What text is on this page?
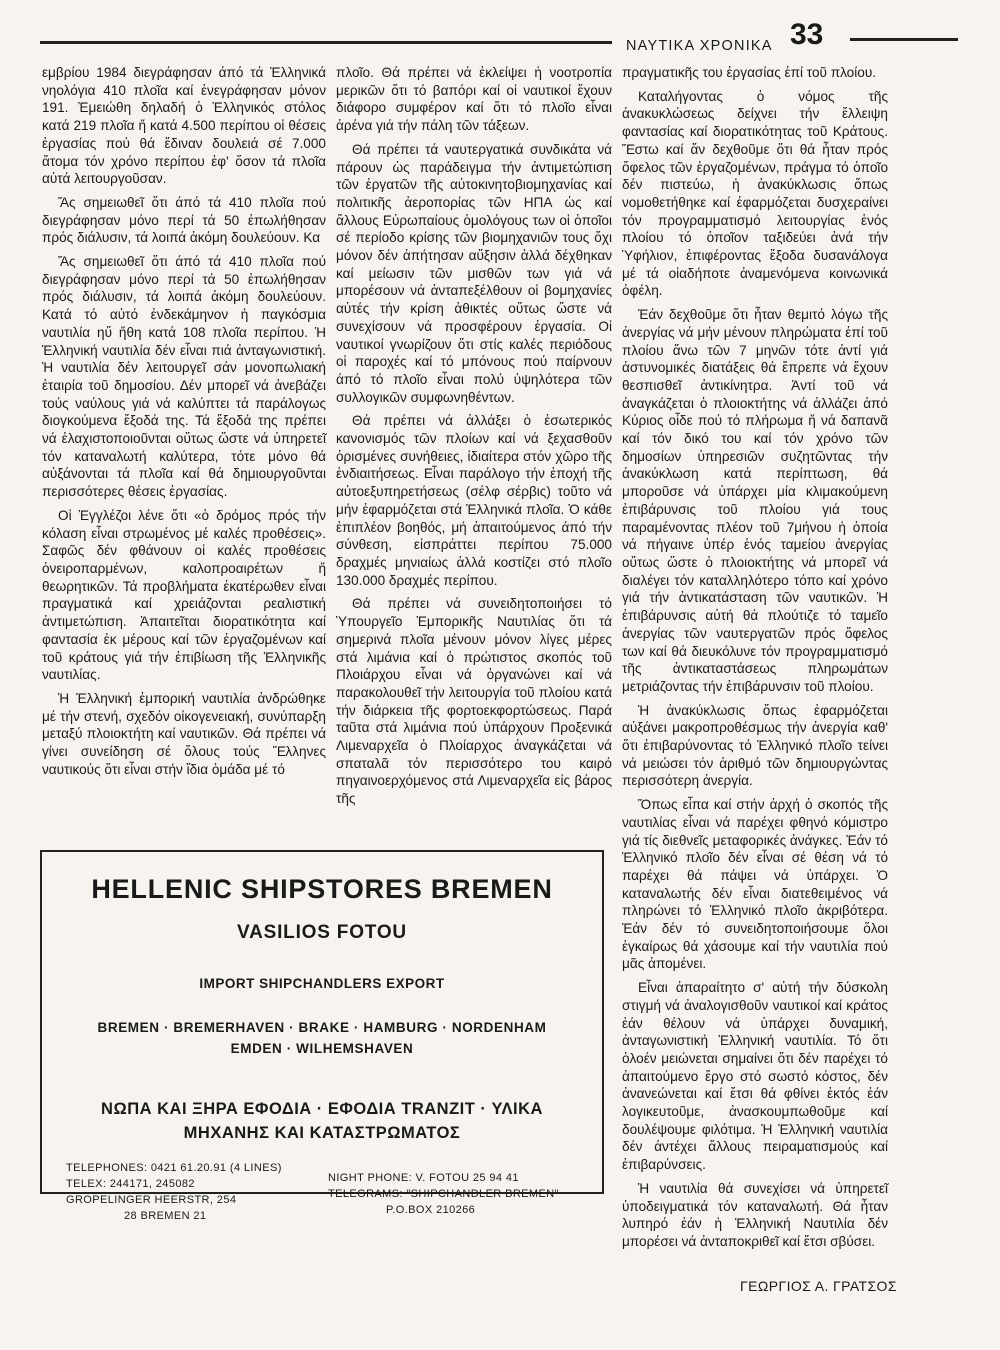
ΝΑΥΤΙΚΑ ΧΡΟΝΙΚΑ 33

εμβρίου 1984 διεγράφησαν άπό τά Ἑλληνικά νηολόγια 410 πλοῖα καί ἐνεγράφησαν μόνον 191. Ἐμειώθη δηλαδή ὁ Ἑλληνικός στόλος κατά 219 πλοῖα ἤ κατά 4.500 περίπου οἱ θέσεις ἐργασίας πού θά ἔδιναν δουλειά σέ 7.000 ἄτομα τόν χρόνο περίπου ἐφ' ὅσον τά πλοῖα αὐτά λειτουργοῦσαν.

Ἄς σημειωθεῖ ὅτι άπό τά 410 πλοῖα πού διεγράφησαν μόνο περί τά 50 ἐπωλήθησαν πρός διάλυσιν, τά λοιπά ἀκόμη δουλεύουν. Κα

Ἄς σημειωθεῖ ὅτι άπό τά 410 πλοῖα πού διεγράφησαν μόνο περί τά 50 ἐπωλήθησαν πρός διάλυσιν, τά λοιπά ἀκόμη δουλεύουν. Κατά τό αὐτό ἐνδεκάμηνον ἡ παγκόσμια ναυτιλία ηὔ ἤθη κατά 108 πλοῖα περίπου. Ἡ Ἑλληνική ναυτιλία δέν εἶναι πιά ἀνταγωνιστική. Ἡ ναυτιλία δέν λειτουργεῖ σάν μονοπωλιακή ἑταιρία τοῦ δημοσίου. Δέν μπορεῖ νά ἀνεβάζει τούς ναύλους γιά νά καλύπτει τά παράλογως διογκούμενα ἔξοδά της. Τά ἔξοδά της πρέπει νά ἐλαχιστοποιοῦνται οὕτως ὥστε νά ὑπηρετεῖ τόν καταναλωτή καλύτερα, τότε μόνο θά αὐξάνονται τά πλοῖα καί θά δημιουργοῦνται περισσότερες θέσεις ἐργασίας.

Οἱ Ἐγγλέζοι λένε ὅτι «ὁ δρόμος πρός τήν κόλαση εἶναι στρωμένος μέ καλές προθέσεις». Σαφῶς δέν φθάνουν οἱ καλές προθέσεις ὀνειροπαρμένων, καλοπροαιρέτων ἤ θεωρητικῶν. Τά προβλήματα ἑκατέρωθεν εἶναι πραγματικά καί χρειάζονται ρεαλιστική ἀντιμετώπιση. Ἀπαιτεῖται διορατικότητα καί φαντασία ἐκ μέρους καί τῶν ἐργαζομένων καί τοῦ κράτους γιά τήν ἐπιβίωση τῆς Ἑλληνικῆς ναυτιλίας.

Ἡ Ἑλληνική ἐμπορική ναυτιλία ἀνδρώθηκε μέ τήν στενή, σχεδόν οἰκογενειακή, συνύπαρξη μεταξύ πλοιοκτήτη καί ναυτικῶν. Θά πρέπει νά γίνει συνείδηση σέ ὅλους τούς Ἕλληνες ναυτικούς ὅτι εἶναι στήν ἴδια ὁμάδα μέ τό

πλοῖο. Θά πρέπει νά ἐκλείψει ἡ νοοτροπία μερικῶν ὅτι τό βαπόρι καί οἱ ναυτικοί ἔχουν διάφορο συμφέρον καί ὅτι τό πλοῖο εἶναι ἀρένα γιά τήν πάλη τῶν τάξεων.

Θά πρέπει τά ναυτεργατικά συνδικάτα νά πάρουν ὡς παράδειγμα τήν ἀντιμετώπιση τῶν ἐργατῶν τῆς αὐτοκινητοβιομηχανίας καί πολιτικῆς ἀεροπορίας τῶν ΗΠΑ ὡς καί ἄλλους Εὐρωπαίους ὁμολόγους των οἱ ὁποῖοι σέ περίοδο κρίσης τῶν βιομηχανιῶν τους ὄχι μόνον δέν ἀπήτησαν αὔξησιν ἀλλά δέχθηκαν καί μείωσιν τῶν μισθῶν των γιά νά μπορέσουν νά ἀνταπεξέλθουν οἱ βομηχανίες αὐτές τήν κρίση ἀθικτές οὕτως ὥστε νά συνεχίσουν νά προσφέρουν ἐργασία. Οἱ ναυτικοί γνωρίζουν ὅτι στίς καλές περιόδους οἱ παροχές καί τό μπόνους πού παίρνουν άπό τό πλοῖο εἶναι πολύ ὑψηλότερα τῶν συλλογικῶν συμφωνηθέντων.

Θά πρέπει νά ἀλλάξει ὁ ἐσωτερικός κανονισμός τῶν πλοίων καί νά ξεχασθοῦν ὁρισμένες συνήθειες, ἰδιαίτερα στόν χῶρο τῆς ἐνδιαιτήσεως. Εἶναι παράλογο τήν ἐποχή τῆς αὐτοεξυπηρετήσεως (σέλφ σέρβις) τοῦτο νά μήν ἐφαρμόζεται στά Ἑλληνικά πλοῖα. Ὁ κάθε ἐπιπλέον βοηθός, μή ἀπαιτούμενος άπό τήν σύνθεση, εἰσπράττει περίπου 75.000 δραχμές μηνιαίως ἀλλά κοστίζει στό πλοῖο 130.000 δραχμές περίπου.

Θά πρέπει νά συνειδητοποιήσει τό Ὑπουργεῖο Ἐμπορικῆς Ναυτιλίας ὅτι τά σημερινά πλοῖα μένουν μόνον λίγες μέρες στά λιμάνια καί ὁ πρώτιστος σκοπός τοῦ Πλοιάρχου εἶναι νά ὀργανώνει καί νά παρακολουθεῖ τήν λειτουργία τοῦ πλοίου κατά τήν διάρκεια τῆς φορτοεκφορτώσεως. Παρά ταῦτα στά λιμάνια πού ὑπάρχουν Προξενικά Λιμεναρχεῖα ὁ Πλοίαρχος ἀναγκάζεται νά σπαταλᾶ τόν περισσότερο του καιρό πηγαινοερχόμενος στά Λιμεναρχεῖα εἰς βάρος τῆς

πραγματικῆς του ἐργασίας ἐπί τοῦ πλοίου.

Καταλήγοντας ὁ νόμος τῆς ἀνακυκλώσεως δείχνει τήν ἔλλειψη φαντασίας καί διορατικότητας τοῦ Κράτους. Ἔστω καί ἄν δεχθοῦμε ὅτι θά ἦταν πρός ὄφελος τῶν ἐργαζομένων, πράγμα τό ὁποῖο δέν πιστεύω, ἡ ἀνακύκλωσις ὅπως νομοθετήθηκε καί ἐφαρμόζεται δυσχεραίνει τόν προγραμματισμό λειτουργίας ἑνός πλοίου τό ὁποῖον ταξιδεύει ἀνά τήν Ὑφήλιον, ἐπιφέροντας ἔξοδα δυσανάλογα μέ τά οἱαδήποτε ἀναμενόμενα κοινωνικά ὀφέλη.

Ἐάν δεχθοῦμε ὅτι ἦταν θεμιτό λόγω τῆς ἀνεργίας νά μήν μένουν πληρώματα ἐπί τοῦ πλοίου ἄνω τῶν 7 μηνῶν τότε ἀντί γιά ἀστυνομικές διατάξεις θά ἔπρεπε νά ἔχουν θεσπισθεῖ ἀντικίνητρα. Ἀντί τοῦ νά ἀναγκάζεται ὁ πλοιοκτήτης νά ἀλλάζει ἀπό Κύριος οἶδε πού τό πλήρωμα ἤ νά δαπανᾶ καί τόν δικό του καί τόν χρόνο τῶν δημοσίων ὑπηρεσιῶν συζητῶντας τήν ἀνακύκλωση κατά περίπτωση, θά μποροῦσε νά ὑπάρχει μία κλιμακούμενη ἐπιβάρυνσις τοῦ πλοίου γιά τους παραμένοντας πλέον τοῦ 7μήνου ἡ ὁποία νά πήγαινε ὑπέρ ἑνός ταμείου ἀνεργίας οὕτως ὥστε ὁ πλοιοκτήτης νά μπορεῖ νά διαλέγει τόν καταλληλότερο τόπο καί χρόνο γιά τήν ἀντικατάσταση τῶν ναυτικῶν. Ἡ ἐπιβάρυνσις αὐτή θά πλούτιζε τό ταμεῖο ἀνεργίας τῶν ναυτεργατῶν πρός ὄφελος των καί θά διευκόλυνε τόν προγραμματισμό τῆς ἀντικαταστάσεως πληρωμάτων μετριάζοντας τήν ἐπιβάρυνσιν τοῦ πλοίου.

Ἡ ἀνακύκλωσις ὅπως ἐφαρμόζεται αὐξάνει μακροπροθέσμως τήν ἀνεργία καθ' ὅτι ἐπιβαρύνοντας τό Ἑλληνικό πλοῖο τείνει νά μειώσει τόν ἀριθμό τῶν δημιουργώντας περισσότερη ἀνεργία.

Ὅπως εἶπα καί στήν ἀρχή ὁ σκοπός τῆς ναυτιλίας εἶναι νά παρέχει φθηνό κόμιστρο γιά τίς διεθνεῖς μεταφορικές ἀνάγκες. Ἐάν τό Ἑλληνικό πλοῖο δέν εἶναι σέ θέση νά τό παρέχει θά πάψει νά ὑπάρχει. Ὁ καταναλωτής δέν εἶναι διατεθειμένος νά πληρώνει τό Ἑλληνικό πλοῖο ἀκριβότερα. Ἐάν δέν τό συνειδητοποιήσουμε ὅλοι ἐγκαίρως θά χάσουμε καί τήν ναυτιλία πού μᾶς ἀπομένει.

Εἶναι ἀπαραίτητο σ' αὐτή τήν δύσκολη στιγμή νά ἀναλογισθοῦν ναυτικοί καί κράτος ἐάν θέλουν νά ὑπάρχει δυναμική, ἀνταγωνιστική Ἑλληνική ναυτιλία. Τό ὅτι ὁλοέν μειώνεται σημαίνει ὅτι δέν παρέχει τό ἀπαιτούμενο ἔργο στό σωστό κόστος, δέν ἀνανεώνεται καί ἔτσι θά φθίνει ἐκτός ἐάν λογικευτοῦμε, ἀνασκουμπωθοῦμε καί δουλέψουμε φιλότιμα. Ἡ Ἑλληνική ναυτιλία δέν ἀντέχει ἄλλους πειραματισμούς καί ἐπιβαρύνσεις.

Ἡ ναυτιλία θά συνεχίσει νά ὑπηρετεῖ ὑποδειγματικά τόν καταναλωτή. Θά ἦταν λυπηρό ἐάν ἡ Ἑλληνική Ναυτιλία δέν μπορέσει νά ἀνταποκριθεῖ καί ἔτσι σβύσει.

HELLENIC SHIPSTORES BREMEN
VASILIOS FOTOU
IMPORT SHIPCHANDLERS EXPORT
BREMEN · BREMERHAVEN · BRAKE · HAMBURG · NORDENHAM
EMDEN · WILHEMSHAVEN
ΝΩΠΑ ΚΑΙ ΞΗΡΑ ΕΦΟΔΙΑ · ΕΦΟΔΙΑ TRANZIT · ΥΛΙΚΑ
ΜΗΧΑΝΗΣ ΚΑΙ ΚΑΤΑΣΤΡΩΜΑΤΟΣ
TELEPHONES: 0421 61.20.91 (4 LINES)
TELEX: 244171, 245082
GROPELINGER HEERSTR, 254
28 BREMEN 21
NIGHT PHONE: V. FOTOU 25 94 41
TELEGRAMS: "SHIPCHANDLER BREMEN"
P.O.BOX 210266
ΓΕΩΡΓΙΟΣ Α. ΓΡΑΤΣΟΣ
